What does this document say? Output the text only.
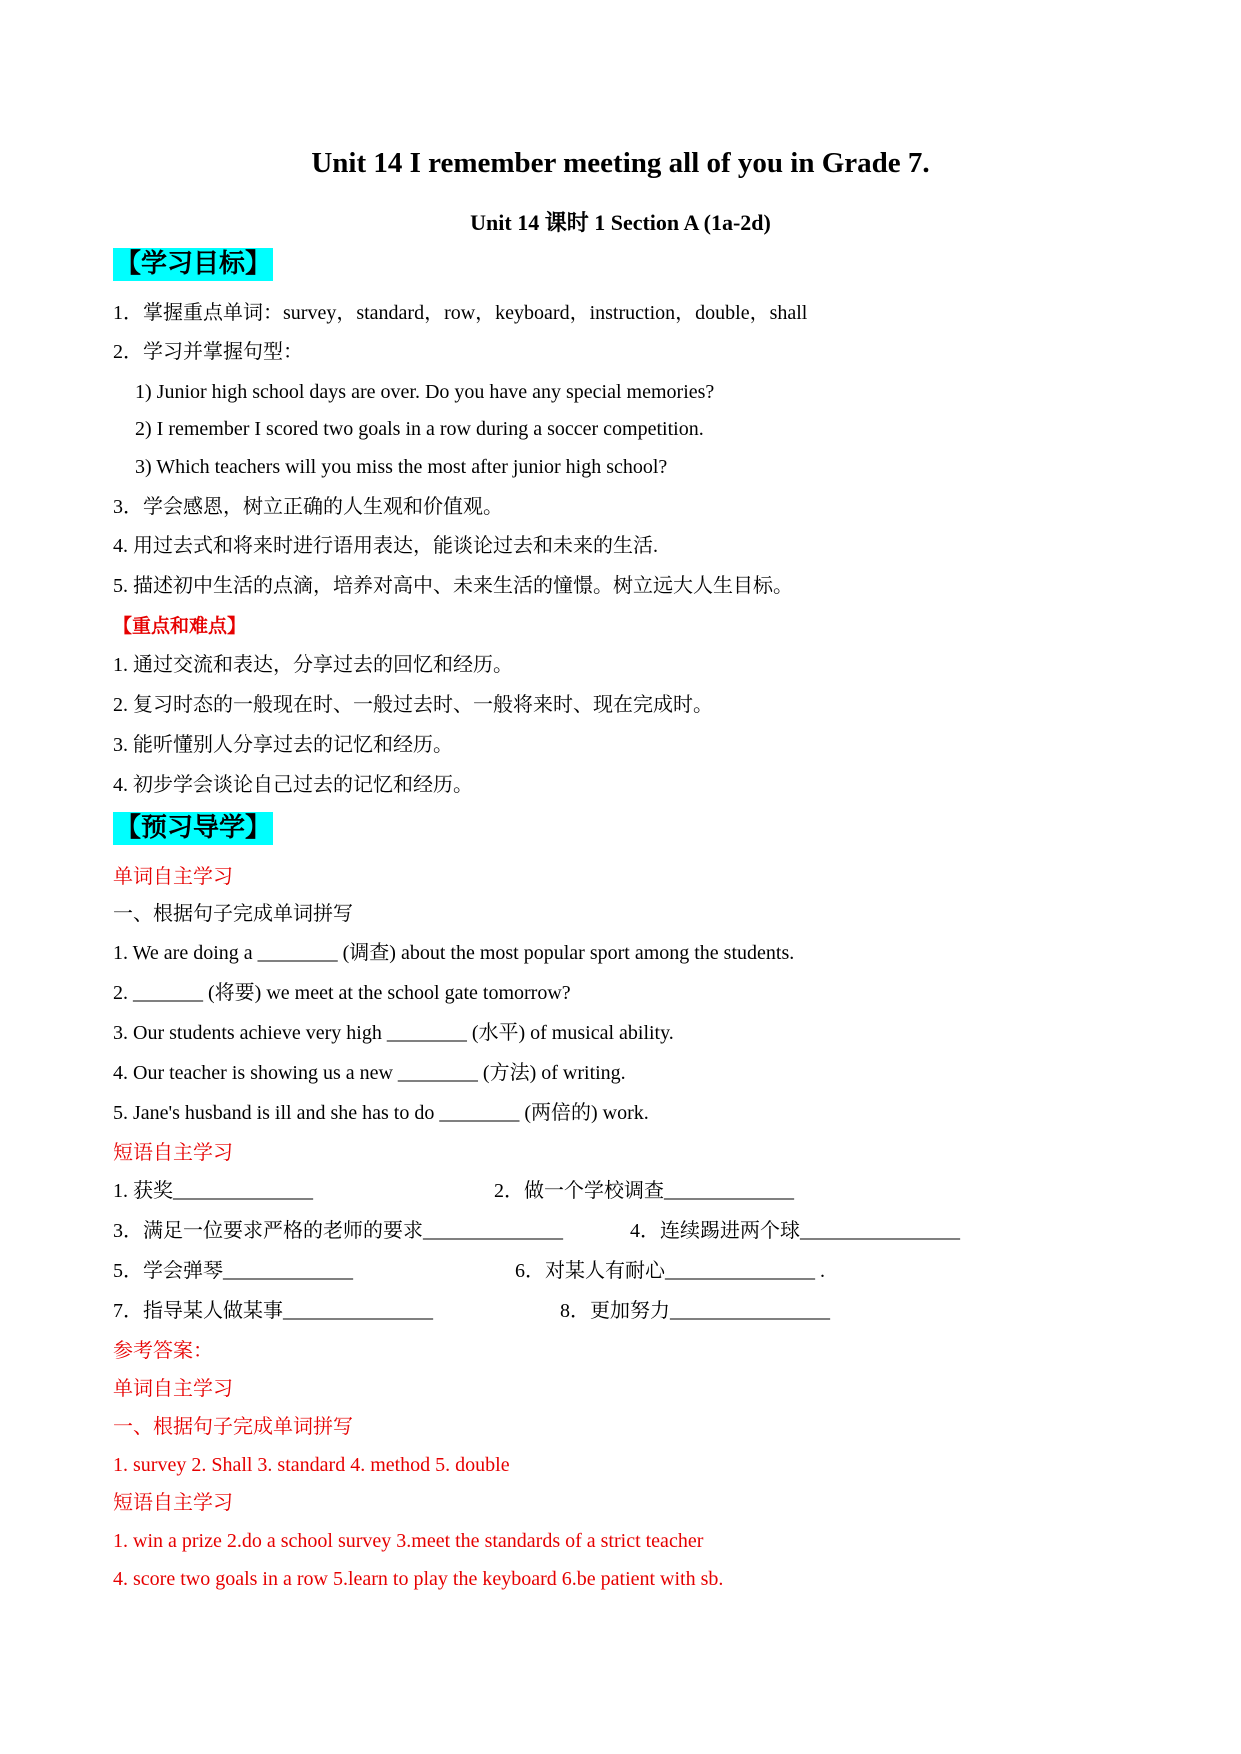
Unit 14 I remember meeting all of you in Grade 7.
Unit 14 课时 1 Section A (1a-2d)
【学习目标】
1．掌握重点单词：survey，standard，row，keyboard，instruction，double，shall
2．学习并掌握句型：
1) Junior high school days are over. Do you have any special memories?
2) I remember I scored two goals in a row during a soccer competition.
3) Which teachers will you miss the most after junior high school?
3．学会感恩，树立正确的人生观和价值观。
4. 用过去式和将来时进行语用表达，能谈论过去和未来的生活.
5. 描述初中生活的点滴，培养对高中、未来生活的憧憬。树立远大人生目标。
【重点和难点】
1. 通过交流和表达，分享过去的回忆和经历。
2. 复习时态的一般现在时、一般过去时、一般将来时、现在完成时。
3. 能听懂别人分享过去的记忆和经历。
4. 初步学会谈论自己过去的记忆和经历。
【预习导学】
单词自主学习
一、根据句子完成单词拼写
1. We are doing a ________ (调查) about the most popular sport among the students.
2. _______ (将要) we meet at the school gate tomorrow?
3. Our students achieve very high ________ (水平) of musical ability.
4. Our teacher is showing us a new ________ (方法) of writing.
5. Jane's husband is ill and she has to do ________ (两倍的) work.
短语自主学习
1. 获奖______________	2．做一个学校调查_____________
3．满足一位要求严格的老师的要求______________	4．连续踢进两个球________________
5．学会弹琴_____________	6．对某人有耐心_______________ .
7．指导某人做某事_______________	8．更加努力________________
参考答案：
单词自主学习
一、根据句子完成单词拼写
1. survey 2. Shall 3. standard 4. method 5. double
短语自主学习
1. win a prize 2.do a school survey 3.meet the standards of a strict teacher
4. score two goals in a row 5.learn to play the keyboard 6.be patient with sb.
